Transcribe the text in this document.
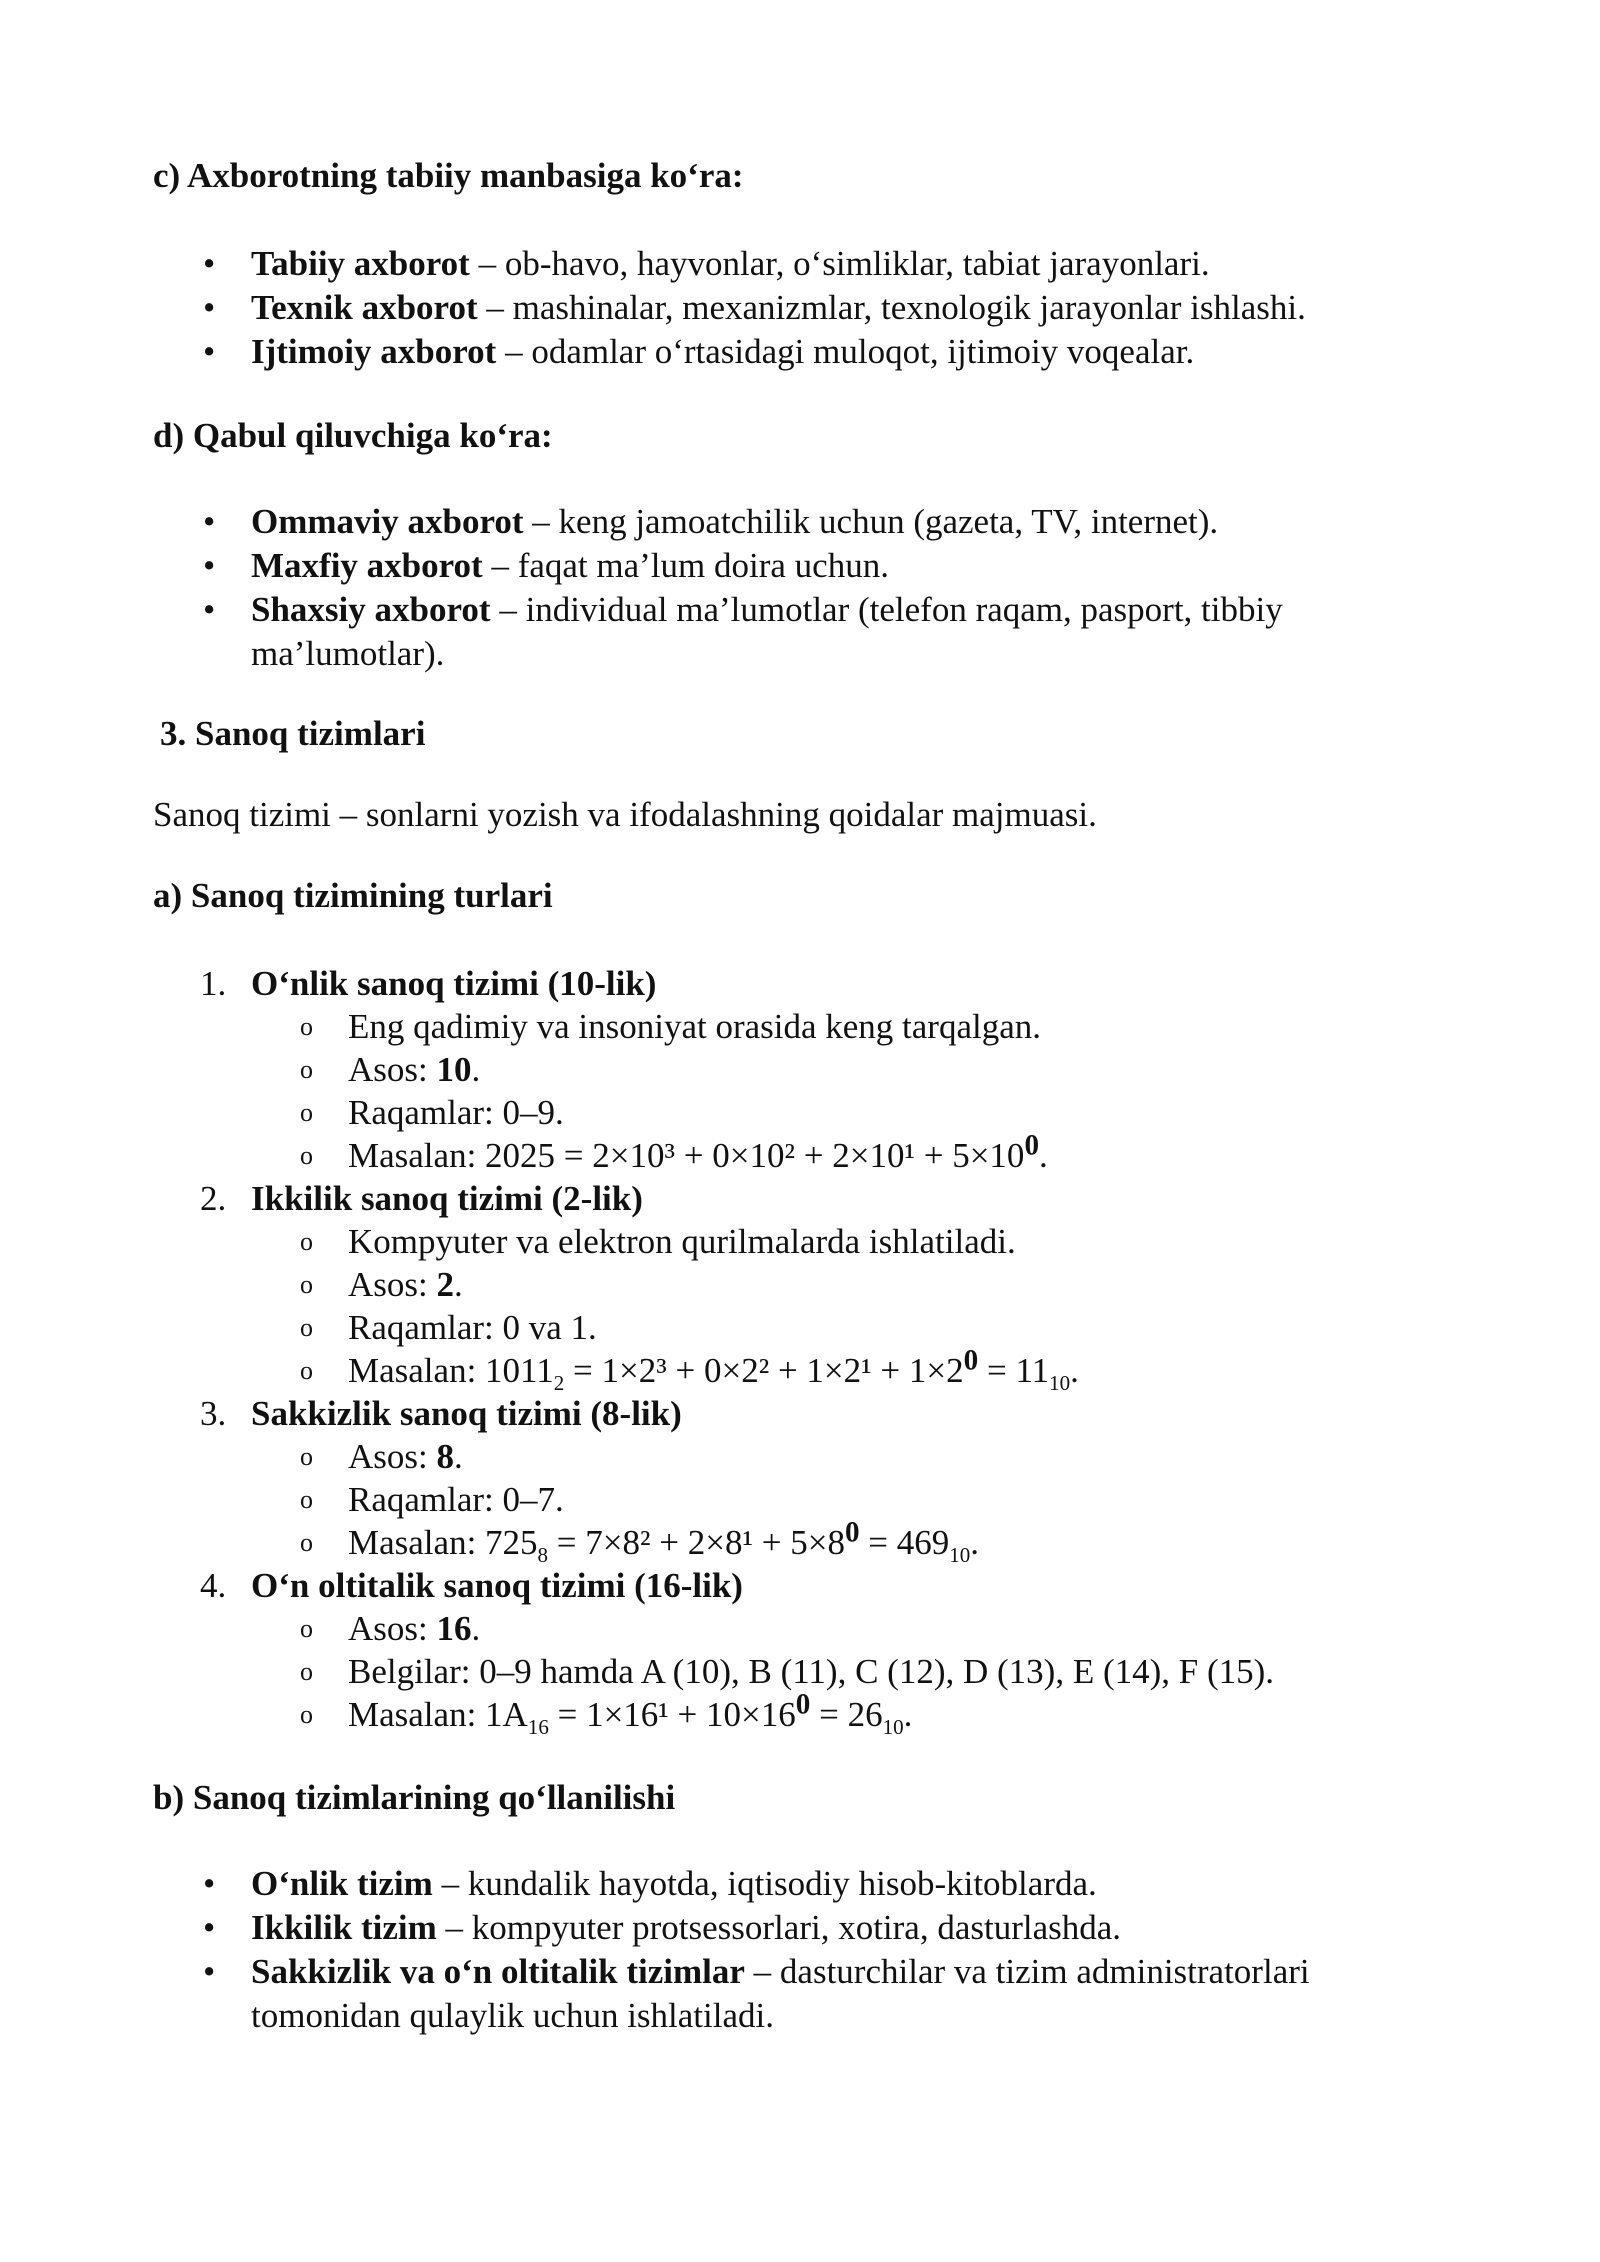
c) Axborotning tabiiy manbasiga ko‘ra:

• Tabiiy axborot – ob-havo, hayvonlar, o‘simliklar, tabiat jarayonlari.
• Texnik axborot – mashinalar, mexanizmlar, texnologik jarayonlar ishlashi.
• Ijtimoiy axborot – odamlar o‘rtasidagi muloqot, ijtimoiy voqealar.

d) Qabul qiluvchiga ko‘ra:

• Ommaviy axborot – keng jamoatchilik uchun (gazeta, TV, internet).
• Maxfiy axborot – faqat ma’lum doira uchun.
• Shaxsiy axborot – individual ma’lumotlar (telefon raqam, pasport, tibbiy
ma’lumotlar).

3. Sanoq tizimlari

Sanoq tizimi – sonlarni yozish va ifodalashning qoidalar majmuasi.

a) Sanoq tizimining turlari

1. O‘nlik sanoq tizimi (10-lik)
o Eng qadimiy va insoniyat orasida keng tarqalgan.
o Asos: 10.
o Raqamlar: 0–9.
o Masalan: $2025 = 2\times 10^3 + 0\times 10^2 + 2\times 10^1 + 5\times 10^0$.
2. Ikkilik sanoq tizimi (2-lik)
o Kompyuter va elektron qurilmalarda ishlatiladi.
o Asos: 2.
o Raqamlar: 0 va 1.
o Masalan: $1011_2 = 1\times 2^3 + 0\times 2^2 + 1\times 2^1 + 1\times 2^0 = 11_{10}$.
3. Sakkizlik sanoq tizimi (8-lik)
o Asos: 8.
o Raqamlar: 0–7.
o Masalan: $725_8 = 7\times 8^2 + 2\times 8^1 + 5\times 8^0 = 469_{10}$.
4. O‘n oltitalik sanoq tizimi (16-lik)
o Asos: 16.
o Belgilar: 0–9 hamda A (10), B (11), C (12), D (13), E (14), F (15).
o Masalan: $1A_{16} = 1\times 16^1 + 10\times 16^0 = 26_{10}$.

b) Sanoq tizimlarining qo‘llanilishi

• O‘nlik tizim – kundalik hayotda, iqtisodiy hisob-kitoblarda.
• Ikkilik tizim – kompyuter protsessorlari, xotira, dasturlashda.
• Sakkizlik va o‘n oltitalik tizimlar – dasturchilar va tizim administratorlari
tomonidan qulaylik uchun ishlatiladi.
